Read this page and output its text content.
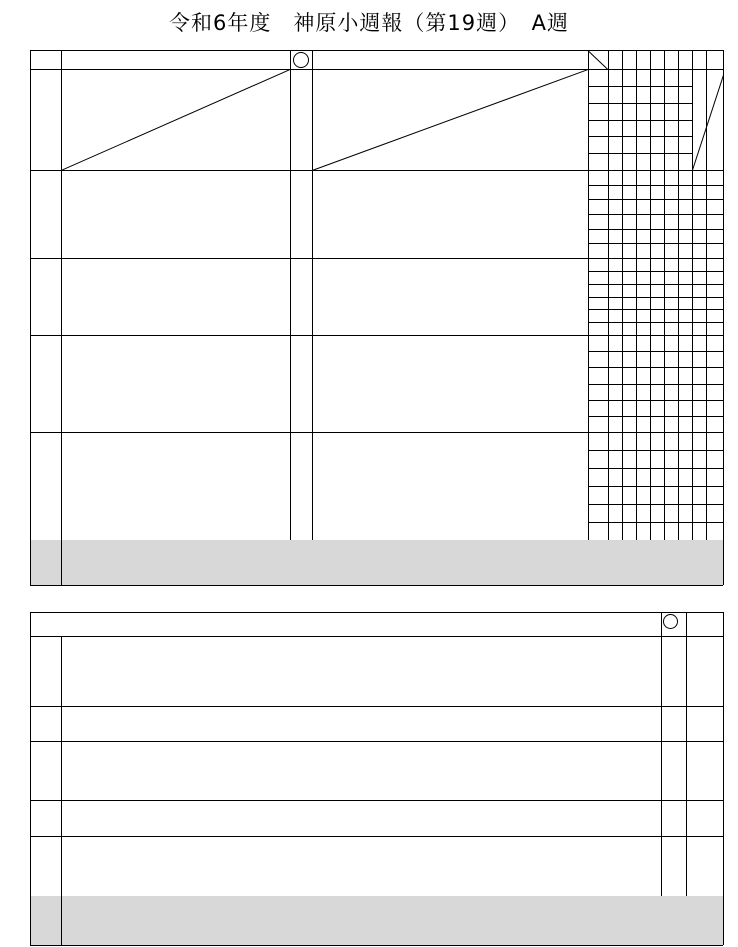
令和6年度　神原小週報（第19週）　A週
